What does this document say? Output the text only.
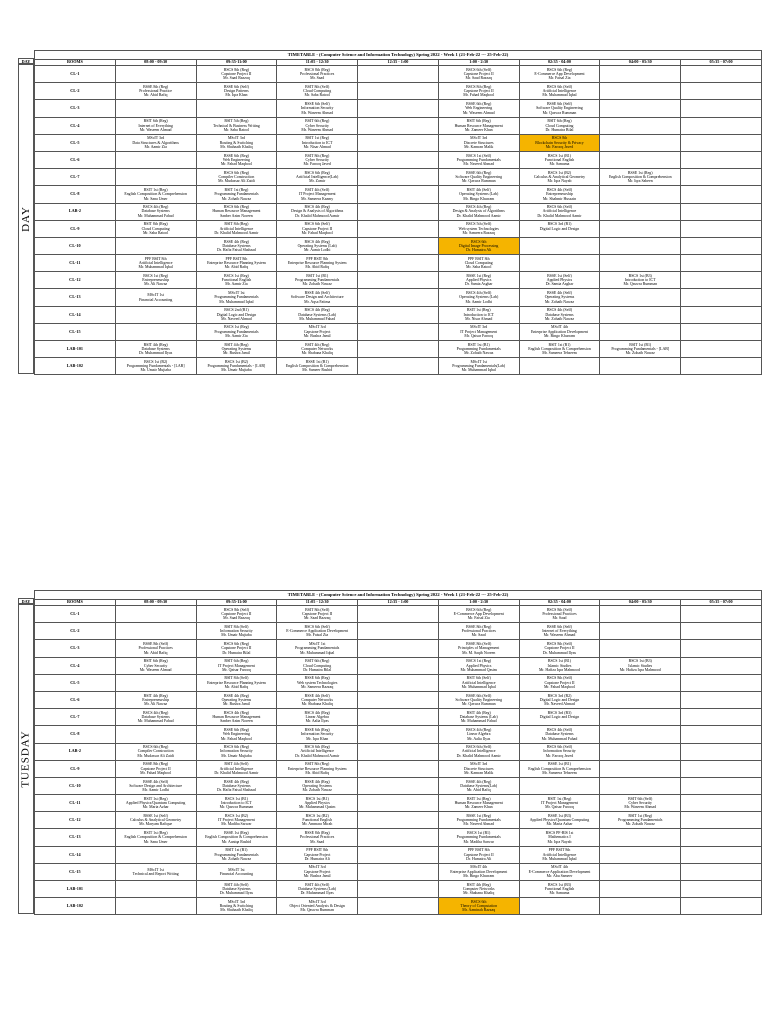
TIMETABLE - (Computer Science and Information Technology) Spring 2022 - Week 1 (21-Feb-22 --- 25-Feb-22)								
ROOMS	08:00 - 09:30	09:35-11:00	11:05 - 12:30	12:35 - 1:00	1:00 - 2:30	02:35 - 04:00	04:00 - 05:30	05:35 - 07:00
CL-1		BSCS 8th (Reg)
Capstone Project II
Mr. Saad Razzaq	BSCS 8th (Reg)
Professional Practices
Mr. Saad		BSCS 6th (Self)
Capstone Project II
Mr. Saad Razzaq	BSCS 6th (Reg)
E-Commerce App Development
Mr. Faisal Zia		

CL-2	BSSE 8th (Reg)
Professional Practice
Mr. Abid Rafiq	BSSE 6th (Self)
Design Patterns
Mr. Iqra Khan	BSIT 8th (Self)
Cloud Computing
Mr. Saba Ratool		BSCS 8th (Reg)
Capstone Project II
Mr. Fahad Maqbool	BSCS 6th (Self)
Artificial Intelligence
Mr. Muhammad Iqbal		

CL-3			BSSE 6th (Self)
Information Security
Mr. Waseem Ahmad		BSSE 6th (Reg)
Web Engineering
Mr. Waseem Ahmad	BSSE 6th (Self)
Software Quality Engineering
Mr. Qaswra Rumman		

CL-4	BSIT 6th (Reg)
Internet of Everything
Mr. Waseem Ahmad	BSIT 5th (Reg)
Technical & Business Writing
Mr. Saba Ratool	BSIT 6th (Reg)
Cyber Security
Mr. Waseem Ahmad		BSIT 6th (Reg)
Human Resource Management
Mr. Zameer Khan	BSIT 6th (Reg)
Cloud Computing
Dr. Humaira Bilal		

CL-5	MScIT 3rd
Data Structures & Algorithms
Mr. Aamir Zia	MScIT 3rd
Routing & Switching
Mr. Shahzaib Khaliq	BSIT 1st (Reg)
Introduction to ICT
Mr. Nisar Ahmad		MScIT 3rd
Discrete Structures
Mr. Kamran Malik	BSCS 8th
Blockchain Security & Privacy
Mr. Farooq Javed		

CL-6		BSSE 6th (Reg)
Web Engineering
Mr. Fahad Maqbool	BSIT 8th (Reg)
Cyber Security
Mr. Farooq Javed		BSCS 1st (Self)
Programming Fundamentals
Mr. Naveed Ahmad	BSCS 1st (B1)
Functional English
Mr. Samama		

CL-7		BSCS 6th (Reg)
Compiler Construction
Mr. Mudassar Ali Zaidi	BSCS 6th (Reg)
Artificial Intelligence(Lab)
Mr. Zamir		BSSE 6th (Reg)
Software Quality Engineering
Mr. Qaswra Rumman	BSCS 1st (B2)
Calculus & Analytical Geometry
Mr. Iqra Nayab	BSSE 1st (Reg)
English Composition & Comprehension
Mr. Iqra Sabeen	

CL-8	BSIT 1st (Reg)
English Composition & Comprehension
Mr. Sana Umer	BSIT 1st (Reg)
Programming Fundamentals
Mr. Zohaib Nawaz	BSIT 4th (Self)
IT Project Management
Mr. Sameera Kazmy		BSIT 4th (Self)
Operating Systems (Lab)
Mr. Bingo Khurram	BSCS 4th (Self)
Entrepreneurship
Mr. Shahmir Hussain		

LAB-2	BSCS 4th (Reg)
Database Systems
Mr. Muhammad Fahad	BSCS 6th (Reg)
Human Resource Management
Sanber Azim Noreen	BSCS 4th (Reg)
Design & Analysis of Algorithms
Dr. Khalid Mahmood Aamir		BSCS 4th (Reg)
Design & Analysis of Algorithms
Dr. Khalid Mahmood Aamir	BSCS 6th (Self)
Artificial Intelligence
Dr. Khalid Mahmood Aamir		

CL-9	BSIT 8th (Reg)
Cloud Computing
Mr. Saba Ratool	BSIT 8th (Reg)
Artificial Intelligence
Dr. Khalid Mahmood Aamir	BSCS 6th (Self)
Capstone Project II
Mr. Fahad Maqbool		BSCS 5th (Self)
Web system Technologies
Mr. Sameera Razzaq	BSCS 3rd (B1)
Digital Logic and Design		

CL-10		BSSE 4th (Reg)
Database Systems
Dr. Hafiz Faisal Shahzad	BSCS 4th (Reg)
Operating Systems (Lab)
Mr. Aamir Lodhi		BSCS 6th
Digital Image Processing
Dr. Humaira Ali			

CL-11	PPF BSIT 8th
Artificial Intelligence
Mr. Muhammad Iqbal	PPF BSIT 8th
Enterprise Resource Planning System
Mr. Abid Rafiq	PPF BSIT 8th
Enterprise Resource Planning System
Mr. Abid Rafiq		PPF BSIT 8th
Cloud Computing
Mr. Saba Ratool			

CL-12	BSCS 1st (Reg)
Entrepreneurship
Mr. Ali Nawaz	BSCS 1st (Reg)
Functional English
Mr. Aamir Zia	BSIT 1st (B1)
Programming Fundamentals
Mr. Zohaib Nawaz		BSSE 1st (Reg)
Applied Physics
Dr. Samia Asghar	BSSE 1st (Self)
Applied Physics
Dr. Samia Asghar	BSCS 1st (B3)
Introduction to ICT
Mr. Qaswra Rumman	

CL-13	MScIT 1st
Financial Accounting	MScIT 1st
Programming Fundamentals
Mr. Muhammad Iqbal	BSSE 4th (Self)
Software Design and Architecture
Mr. Aqsa Fatima		BSCS 4th (Self)
Operating Systems (Lab)
Mr. Aamir Lodhi	BSSE 4th (Self)
Operating Systems
Mr. Zohaib Nawaz		

CL-14		BSCS 2nd (B1)
Digital Logic and Design
Mr. Naveed Ahmad	BSCS 4th (Reg)
Database Systems (Lab)
Mr. Muhammad Fahad		BSIT 1st (Reg)
Introduction to ICT
Mr. Nisar Ahmad	BSCS 4th (Self)
Database Systems
Mr. Zohaib Nawaz		

CL-15		BSCS 1st (Reg)
Programming Fundamentals
Mr. Aamir Zia	MScIT 3rd
Capstone Project
Mr. Bushra Jamil		MScIT 3rd
IT Project Management
Mr. Qaisar Farooq	MScIT 4th
Enterprise Application Development
Mr. Bingo Khurram		

LAB-101	BSIT 4th (Reg)
Database Systems
Dr. Muhammad Ilyas	BSIT 4th (Reg)
Operating Systems
Mr. Bushra Jamil	BSIT 4th (Reg)
Computer Networks
Mr. Shabana Khaliq		BSIT 1st (B1)
Programming Fundamentals
Mr. Zohaib Nawaz	BSIT 1st (B1)
English Composition & Comprehension
Mr. Sameera Tehseem	BSIT 1st (B1)
Programming Fundamentals - [LAB]
Mr. Zohaib Nawaz	

LAB-102	BSCS 1st (B2)
Programming Fundamentals - [LAB]
Mr. Umair Mujtaba	BSCS 1st (B2)
Programming Fundamentals - [LAB]
Mr. Umair Mujtaba	BSSE 1st (B1)
English Composition & Comprehension
Mr. Sameer Rashid		MScIT 1st
Programming Fundamentals(Lab)
Mr. Muhammad Iqbal			

DAY
DAY
TIMETABLE - (Computer Science and Information Technology) Spring 2022 - Week 1 (21-Feb-22 --- 25-Feb-22)								
ROOMS	08:00 - 09:30	09:35-11:00	11:05 - 12:30	12:35 - 1:00	1:00 - 2:30	02:35 - 04:00	04:00 - 05:30	05:35 - 07:00
CL-1		BSCS 8th (Self)
Capstone Project II
Mr. Saad Razzaq	BSIT 8th (Self)
Capstone Project II
Mr. Saad Razzaq		BSCS 6th (Reg)
E-Commerce App Development
Mr. Faisal Zia	BSCS 8th (Self)
Professional Practices
Mr. Saad		

CL-2		BSIT 8th (Self)
Information Security
Mr. Umair Mujtaba	BSCS 6th (Self)
E-Commerce Application Development
Mr. Faisal Zia		BSSE 8th (Reg)
Professional Practices
Mr. Saad	BSSE 6th (Self)
Internet of Everything
Mr. Waseem Ahmad		

CL-3	BSSE 8th (Self)
Professional Practices
Mr. Abid Rafiq	BSCS 6th (Reg)
Capstone Project II
Dr. Humaira Bilal	MScIT 1st
Programming Fundamentals
Mr. Muhammad Iqbal		BSSE 8th (Self)
Principles of Management
Mr. M. Saqib Noreen	BSCS 8th (Self)
Capstone Project II
Dr. Muhammad Ilyas		

CL-4	BSIT 6th (Reg)
Cyber Security
Mr. Waseem Ahmad	BSIT 6th (Reg)
IT Project Management
Mr. Qaisar Farooq	BSIT 6th (Reg)
Cloud Computing
Dr. Humaira Bilal		BSCS 1st (Reg)
Applied Physics
Mr. Muhammad Qasim	BSCS 1st (B1)
Islamic Studies
Mr. Hafiza Iqra Mahmood	BSCS 1st (B3)
Islamic Studies
Mr. Hafiza Iqra Mahmood	

CL-5		BSIT 8th (Self)
Enterprise Resource Planning System
Mr. Abid Rafiq	BSSE 6th (Reg)
Web system Technologies
Mr. Sameera Razzaq		BSIT 6th (Self)
Artificial Intelligence
Mr. Muhammad Iqbal	BSCS 8th (Self)
Capstone Project II
Mr. Fahad Maqbool		

CL-6	BSIT 4th (Reg)
Entrepreneurship
Mr. Ali Nawaz	BSSE 4th (Reg)
Operating Systems
Mr. Bushra Jamil	BSSE 4th (Self)
Computer Networks
Mr. Shabana Khaliq		BSSE 6th (Self)
Software Quality Engineering
Mr. Qaswra Rumman	BSCS 3rd (B2)
Digital Logic and Design
Mr. Naveed Ahmad		

CL-7	BSCS 4th (Reg)
Database Systems
Mr. Muhammad Fahad	BSCS 4th (Reg)
Human Resource Management
Sanber Azim Noreen	BSCS 4th (Reg)
Linear Algebra
Mr. Aalia Ilyas		BSIT 4th (Reg)
Database Systems (Lab)
Mr. Muhammad Fahad	BSCS 3rd (B3)
Digital Logic and Design		

CL-8		BSSE 6th (Reg)
Web Engineering
Mr. Fahad Maqbool	BSSE 6th (Reg)
Information Security
Mr. Iqra Khan		BSCS 4th (Reg)
Linear Algebra
Mr. Aalia Ilyas	BSCS 4th (Self)
Database Systems
Mr. Muhammad Fahad		

LAB-2	BSCS 6th (Reg)
Compiler Construction
Mr. Mudassar Ali Zaidi	BSCS 6th (Reg)
Information Security
Mr. Umair Mujtaba	BSCS 6th (Reg)
Artificial Intelligence
Dr. Khalid Mahmood Aamir		BSCS 6th (Self)
Artificial Intelligence
Dr. Khalid Mahmood Aamir	BSCS 6th (Self)
Information Security
Mr. Farooq Javed		

CL-9	BSSE 8th (Reg)
Capstone Project II
Mr. Fahad Maqbool	BSIT 4th (Self)
Artificial Intelligence
Dr. Khalid Mahmood Aamir	BSIT 8th (Reg)
Enterprise Resource Planning System
Mr. Abid Rafiq		MScIT 3rd
Discrete Structures
Mr. Kamran Malik	BSSE 1st (B1)
English Composition & Comprehension
Mr. Sameera Tehseem		

CL-10	BSSE 4th (Self)
Software Design and Architecture
Mr. Aamir Lodhi	BSSE 4th (Reg)
Database Systems
Dr. Hafiz Faisal Shahzad	BSSE 4th (Reg)
Operating Systems
Mr. Zohaib Nawaz		BSSE 4th (Reg)
Database Systems(Lab)
Mr. Abid Rafiq			

CL-11	BSIT 1st (Reg)
Applied Physics/Quantum Computing
Mr. Maria Azhar	BSCS 1st (B1)
Introduction to ICT
Mr. Qaswra Rumman	BSCS 1st (B1)
Applied Physics
Mr. Muhammad Qasim		BSIT 1st (Reg)
Human Resource Management
Mr. Zameer Khan	BSIT 1st (Reg)
IT Project Management
Mr. Qaisar Farooq	BSIT 6th (Self)
Cyber Security
Mr. Waseem Ahmad	

CL-12	BSSE 1st (Self)
Calculus & Analytical Geometry
Mr. Maryam Rafique	BSCS 1st (B2)
IT Project Management
Mr. Madiha Sarwar	BSCS 1st (B2)
Functional English
Mr. Ammara Mirah		BSSE 1st (Reg)
Programming Fundamentals
Mr. Naveed Ahmad	BSSE 1st (B3)
Applied Physics/Quantum Computing
Mr. Maria Azhar	BSIT 1st (Reg)
Programming Fundamentals
Mr. Zohaib Nawaz	

CL-13	BSIT 1st (Reg)
English Composition & Comprehension
Mr. Sana Umer	BSSE 1st (Reg)
English Composition & Comprehension
Mr. Aaniqa Rashid	BSSE 8th (Reg)
Professional Practices
Mr. Saad		BSCS 1st (B1)
Programming Fundamentals
Mr. Madiha Sarwar	BSCS PF-BIS 1st
Mathematics I
Mr. Iqra Nayab		

CL-14		BSIT 1st (B1)
Programming Fundamentals
Mr. Zohaib Nawaz	PPF BSIT 8th
Capstone Project
Dr. Humaira Ali		PPF BSIT 8th
Capstone Project II
Dr. Humaira Ali	PPF BSIT 8th
Artificial Intelligence
Mr. Muhammad Iqbal		

CL-15	MScIT 1st
Technical and Report Writing	MScIT 1st
Financial Accounting	MScIT 3rd
Capstone Project
Mr. Bushra Jamil		MScIT 4th
Enterprise Application Development
Mr. Bingo Khurram	MScIT 4th
E-Commerce Application Development
Mr. Abu Sameer		

LAB-101		BSIT 4th (Self)
Database Systems
Dr. Muhammad Ilyas	BSIT 4th (Self)
Database Systems (Lab)
Dr. Muhammad Ilyas		BSIT 4th (Reg)
Computer Networks
Mr. Shabana Khaliq	BSCS 1st (B3)
Functional English
Mr. Samama		

LAB-102		MScIT 3rd
Routing & Switching
Mr. Shahzaib Khaliq	MScIT 3rd
Object Oriented Analysis & Design
Mr. Qaswra Rumman		BSCS 6th
Theory of Computation
Mr. Aaminah Razzaq			

DAY
TUESDAY
